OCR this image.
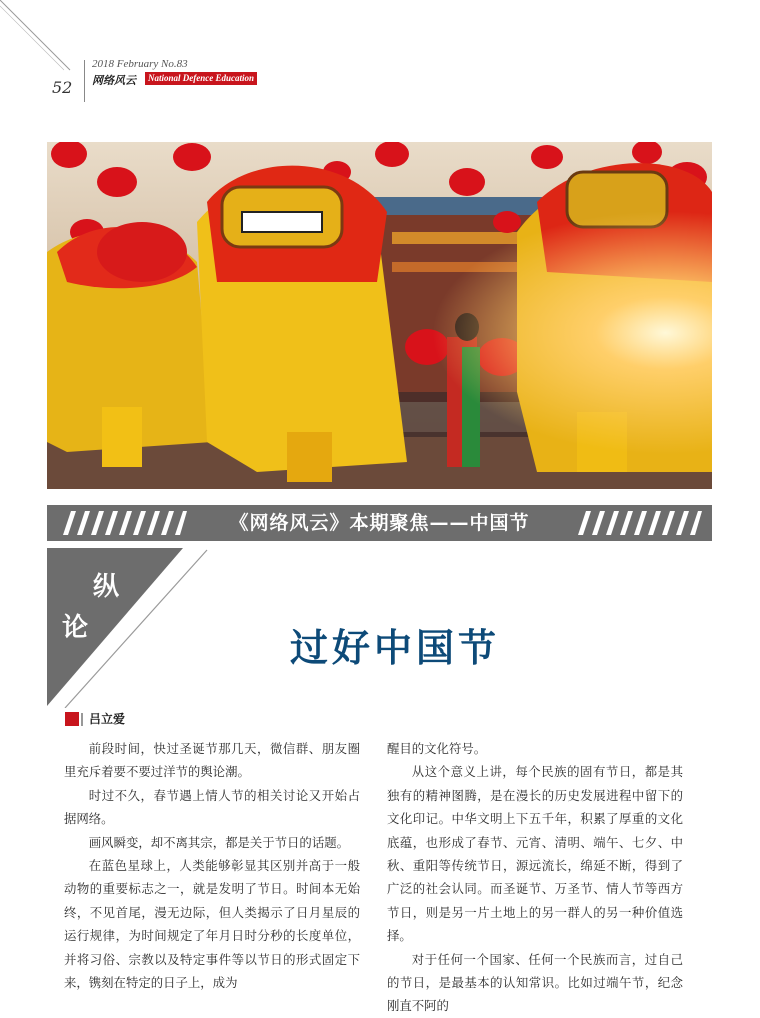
52
2018 February No.83
网络风云	National Defence Education
《网络风云》本期聚焦——中国节
纵
论	过好中国节
吕立爱

前段时间，快过圣诞节那几天，微信群、朋友圈里充斥着要不要过洋节的舆论潮。

时过不久，春节遇上情人节的相关讨论又开始占据网络。

画风瞬变，却不离其宗，都是关于节日的话题。

在蓝色星球上，人类能够彰显其区别并高于一般动物的重要标志之一，就是发明了节日。时间本无始终，不见首尾，漫无边际，但人类揭示了日月星辰的运行规律，为时间规定了年月日时分秒的长度单位，并将习俗、宗教以及特定事件等以节日的形式固定下来，镌刻在特定的日子上，成为

醒目的文化符号。

从这个意义上讲，每个民族的固有节日，都是其独有的精神图腾，是在漫长的历史发展进程中留下的文化印记。中华文明上下五千年，积累了厚重的文化底蕴，也形成了春节、元宵、清明、端午、七夕、中秋、重阳等传统节日，源远流长，绵延不断，得到了广泛的社会认同。而圣诞节、万圣节、情人节等西方节日，则是另一片土地上的另一群人的另一种价值选择。

对于任何一个国家、任何一个民族而言，过自己的节日，是最基本的认知常识。比如过端午节，纪念刚直不阿的
